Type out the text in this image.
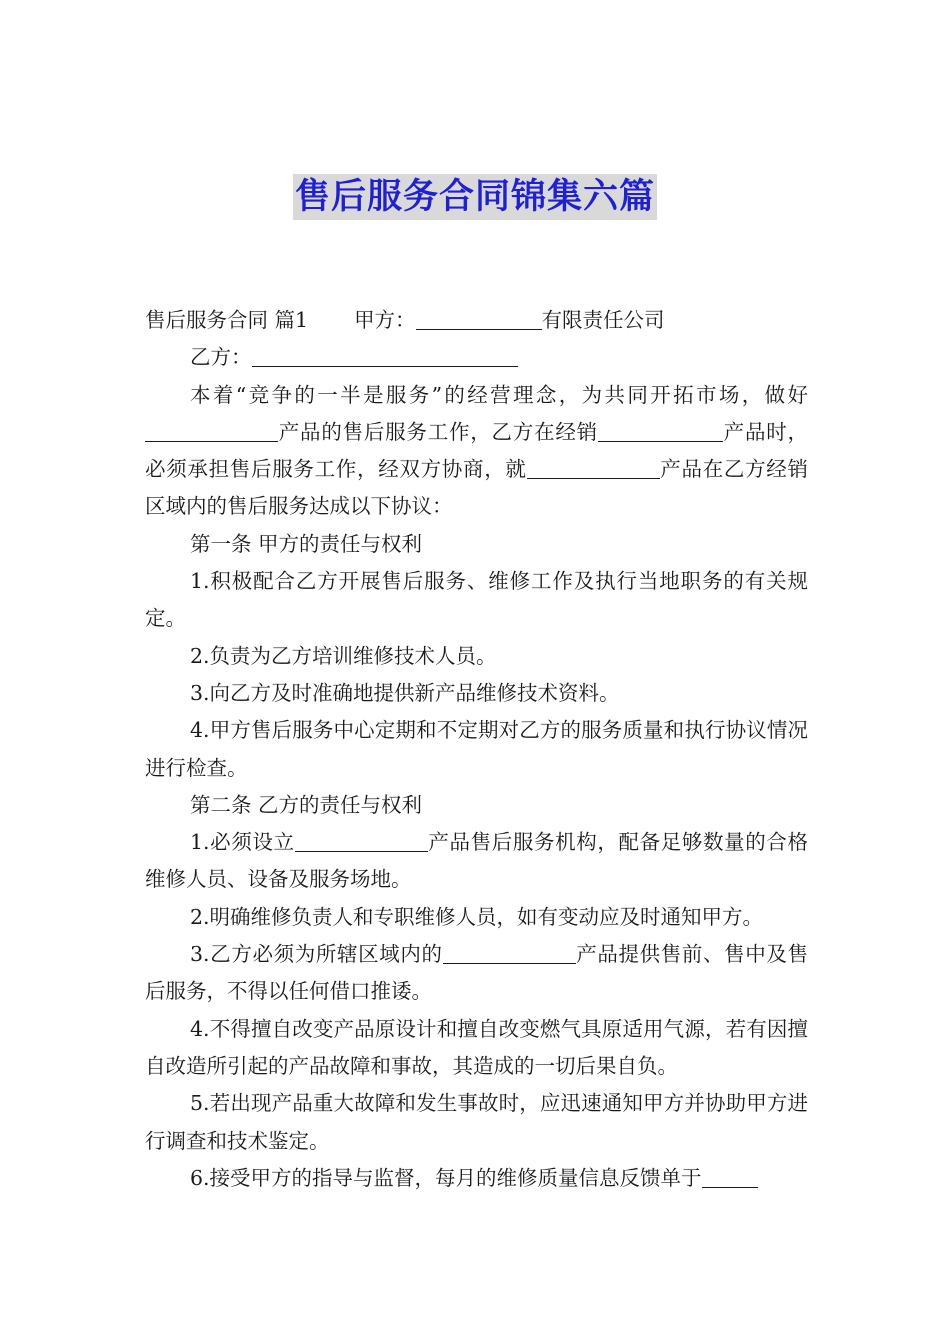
售后服务合同锦集六篇

售后服务合同 篇1 甲方：	有限责任公司

乙方：

本着“竞争的一半是服务”的经营理念，为共同开拓市场，做好产品的售后服务工作，乙方在经销	产品时，必须承担售后服务工作，经双方协商，就	产品在乙方经销区域内的售后服务达成以下协议：

第一条 甲方的责任与权利

1.积极配合乙方开展售后服务、维修工作及执行当地职务的有关规定。

2.负责为乙方培训维修技术人员。

3.向乙方及时准确地提供新产品维修技术资料。

4.甲方售后服务中心定期和不定期对乙方的服务质量和执行协议情况进行检查。

第二条 乙方的责任与权利

1.必须设立	产品售后服务机构，配备足够数量的合格维修人员、设备及服务场地。

2.明确维修负责人和专职维修人员，如有变动应及时通知甲方。

3.乙方必须为所辖区域内的	产品提供售前、售中及售后服务，不得以任何借口推诿。

4.不得擅自改变产品原设计和擅自改变燃气具原适用气源，若有因擅自改造所引起的产品故障和事故，其造成的一切后果自负。

5.若出现产品重大故障和发生事故时，应迅速通知甲方并协助甲方进行调查和技术鉴定。

6.接受甲方的指导与监督，每月的维修质量信息反馈单于
